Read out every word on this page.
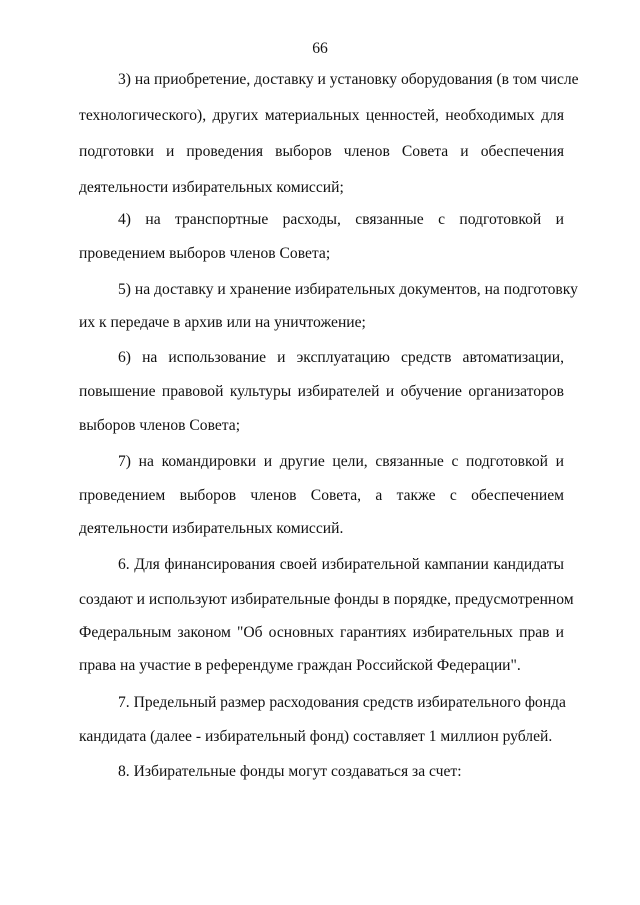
66
3) на приобретение, доставку и установку оборудования (в том числе
технологического), других материальных ценностей, необходимых для
подготовки и проведения выборов членов Совета и обеспечения
деятельности избирательных комиссий;
4) на транспортные расходы, связанные с подготовкой и
проведением выборов членов Совета;
5) на доставку и хранение избирательных документов, на подготовку
их к передаче в архив или на уничтожение;
6) на использование и эксплуатацию средств автоматизации,
повышение правовой культуры избирателей и обучение организаторов
выборов членов Совета;
7) на командировки и другие цели, связанные с подготовкой и
проведением выборов членов Совета, а также с обеспечением
деятельности избирательных комиссий.
6. Для финансирования своей избирательной кампании кандидаты
создают и используют избирательные фонды в порядке, предусмотренном
Федеральным законом "Об основных гарантиях избирательных прав и
права на участие в референдуме граждан Российской Федерации".
7. Предельный размер расходования средств избирательного фонда
кандидата (далее - избирательный фонд) составляет 1 миллион рублей.
8. Избирательные фонды могут создаваться за счет:
